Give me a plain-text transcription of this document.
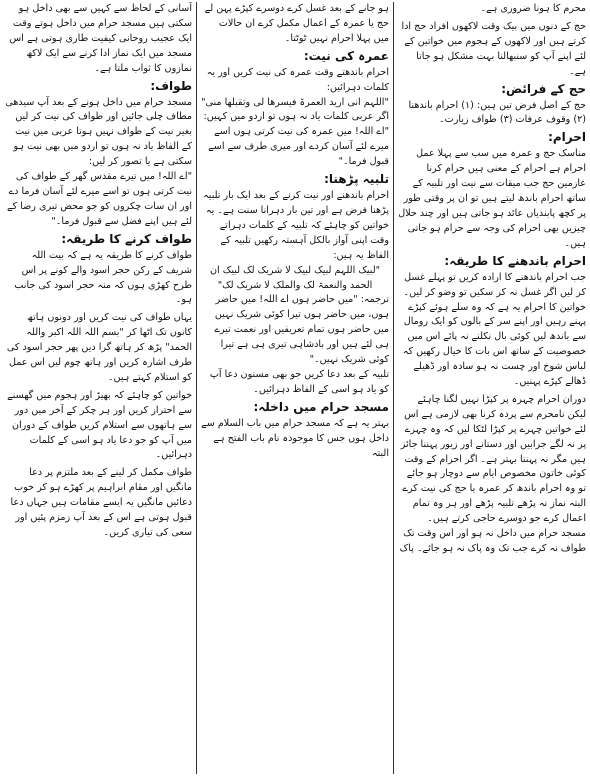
محرم کا ہونا ضروری ہے۔
حج کے دنوں میں بیک وقت لاکھوں افراد حج ادا کرتے ہیں اور لاکھوں کے ہجوم میں خواتین کے لئے اپنے آپ کو سنبھالنا بہت مشکل ہو جاتا ہے۔
حج کے فرائض:
حج کے اصل فرض تین ہیں: (۱) احرام باندھنا (۲) وقوف عرفات (۳) طواف زیارت۔
احرام:
مناسک حج و عمرہ میں سب سے پہلا عمل احرام ہے احرام کے معنی ہیں حرام کرنا عازمین حج جب میقات سے نیت اور تلبیہ کے ساتھ احرام باندھ لیتے ہیں تو ان پر وقتی طور پر کچھ پابندیاں عائد ہو جاتی ہیں اور چند حلال چیزیں بھی احرام کی وجہ سے حرام ہو جاتی ہیں۔
احرام باندھنے کا طریقہ:
جب احرام باندھنے کا ارادہ کریں تو پہلے غسل کر لیں اگر غسل نہ کر سکیں تو وضو کر لیں۔ خواتین کا احرام یہ ہے کہ وہ سلے ہوئے کپڑے پہنے رہیں اور اپنے سر کے بالوں کو ایک رومال سے باندھ لیں کوئی بال نکلنے نہ پائے اس میں خصوصیت کے ساتھ اس بات کا خیال رکھیں کہ لباس شوخ اور چست نہ ہو سادہ اور ڈھیلے ڈھالے کپڑے پہنیں۔
دوران احرام چہرہ پر کپڑا نہیں لگنا چاہئے لیکن نامحرم سے پردہ کرنا بھی لازمی ہے اس لئے خواتین چہرے پر کپڑا لٹکا لیں کہ وہ چہرے پر نہ لگے جرابیں اور دستانے اور زیور پہننا جائز ہیں مگر نہ پہننا بہتر ہے۔ اگر احرام کے وقت کوئی خاتون مخصوص ایام سے دوچار ہو جائے تو وہ احرام باندھ کر عمرہ یا حج کی نیت کرے البتہ نماز نہ پڑھے تلبیہ پڑھے اور ہر وہ تمام اعمال کرے جو دوسرے حاجی کرتے ہیں۔
مسجد حرام میں داخل نہ ہو اور اس وقت تک طواف نہ کرے جب تک وہ پاک نہ ہو جائے۔ پاک
ہو جانے کے بعد غسل کرے دوسرے کپڑے پہن لے حج یا عمرہ کے اعمال مکمل کرے ان حالات میں پہلا احرام نہیں ٹوٹتا۔
عمرہ کی نیت:
احرام باندھتے وقت عمرہ کی نیت کریں اور یہ کلمات دہرائیں:
"اللہم انی ارید العمرۃ فیسرھا لی وتقبلھا منی"
اگر عربی کلمات یاد نہ ہوں تو اردو میں کہیں: "اے اللہ! میں عمرہ کی نیت کرتی ہوں اسے میرے لئے آسان کردے اور میری طرف سے اسے قبول فرما۔"
تلبیہ پڑھنا:
احرام باندھنے اور نیت کرنے کے بعد ایک بار تلبیہ پڑھنا فرض ہے اور تین بار دہرانا سنت ہے۔ یہ خواتین کو چاہئے کہ تلبیہ کے کلمات دہراتے وقت اپنی آواز بالکل آہستہ رکھیں تلبیہ کے الفاظ یہ ہیں:
"لبیک اللہم لبیک لبیک لا شریک لک لبیک ان الحمد والنعمۃ لک والملک لا شریک لک"
ترجمہ: "میں حاضر ہوں اے اللہ! میں حاضر ہوں، میں حاضر ہوں تیرا کوئی شریک نہیں میں حاضر ہوں تمام تعریفیں اور نعمت تیرے ہی لئے ہیں اور بادشاہی تیری ہی ہے تیرا کوئی شریک نہیں۔"
تلبیہ کے بعد دعا کریں جو بھی مسنون دعا آپ کو یاد ہو اسی کے الفاظ دہرائیں۔
مسجد حرام میں داخلہ:
بہتر یہ ہے کہ مسجد حرام میں باب السلام سے داخل ہوں جس کا موجودہ نام باب الفتح ہے البتہ
آسانی کے لحاظ سے کہیں سے بھی داخل ہو سکتی ہیں مسجد حرام میں داخل ہوتے وقت ایک عجیب روحانی کیفیت طاری ہوتی ہے اس مسجد میں ایک نماز ادا کرنے سے ایک لاکھ نمازوں کا ثواب ملتا ہے۔
طواف:
مسجد حرام میں داخل ہونے کے بعد آپ سیدھی مطاف چلی جائیں اور طواف کی نیت کر لیں بغیر نیت کے طواف نہیں ہوتا عربی میں نیت کے الفاظ یاد نہ ہوں تو اردو میں بھی نیت ہو سکتی ہے یا تصور کر لیں:
"اے اللہ! میں تیرے مقدس گھر کے طواف کی نیت کرتی ہوں تو اسے میرے لئے آسان فرما دے اور ان سات چکروں کو جو محض تیری رضا کے لئے ہیں اپنے فضل سے قبول فرما۔"
طواف کرنے کا طریقہ:
طواف کرنے کا طریقہ یہ ہے کہ بیت اللہ شریف کے رکن حجر اسود والے کونے پر اس طرح کھڑی ہوں کہ منہ حجر اسود کی جانب ہو۔
یہاں طواف کی نیت کریں اور دونوں ہاتھ کانوں تک اٹھا کر "بسم اللہ اللہ اکبر واللہ الحمد" پڑھ کر ہاتھ گرا دیں پھر حجر اسود کی طرف اشارہ کریں اور ہاتھ چوم لیں اس عمل کو استلام کہتے ہیں۔
خواتین کو چاہئے کہ بھیڑ اور ہجوم میں گھسنے سے احتراز کریں اور ہر چکر کے آخر میں دور سے ہاتھوں سے استلام کریں طواف کے دوران میں آپ کو جو دعا یاد ہو اسی کے کلمات دہرائیں۔
طواف مکمل کر لینے کے بعد ملتزم پر دعا مانگیں اور مقام ابراہیم پر کھڑے ہو کر خوب دعائیں مانگیں یہ ایسے مقامات ہیں جہاں دعا قبول ہوتی ہے اس کے بعد آپ زمزم پئیں اور سعی کی تیاری کریں۔
